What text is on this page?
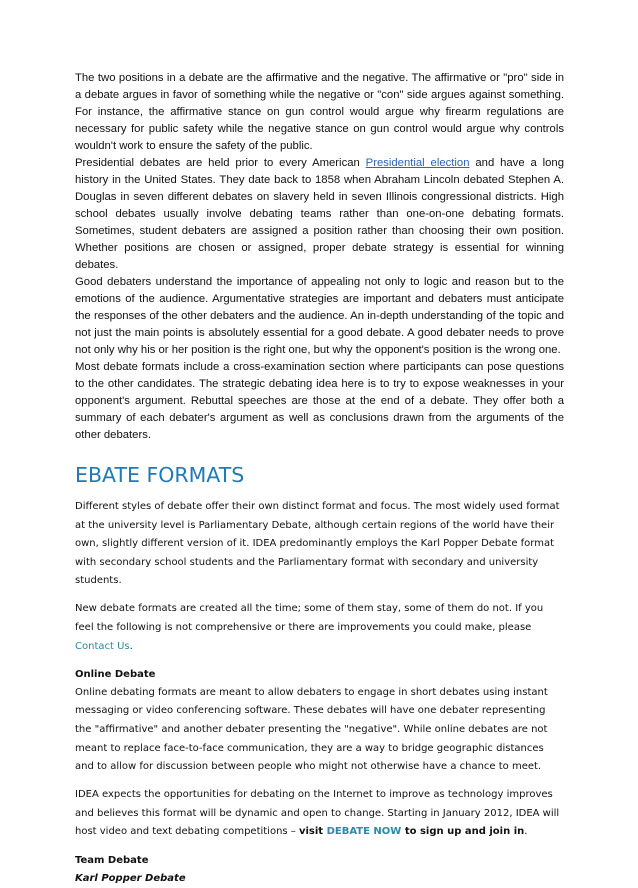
The two positions in a debate are the affirmative and the negative. The affirmative or "pro" side in a debate argues in favor of something while the negative or "con" side argues against something. For instance, the affirmative stance on gun control would argue why firearm regulations are necessary for public safety while the negative stance on gun control would argue why controls wouldn't work to ensure the safety of the public.

Presidential debates are held prior to every American Presidential election and have a long history in the United States. They date back to 1858 when Abraham Lincoln debated Stephen A. Douglas in seven different debates on slavery held in seven Illinois congressional districts. High school debates usually involve debating teams rather than one-on-one debating formats. Sometimes, student debaters are assigned a position rather than choosing their own position. Whether positions are chosen or assigned, proper debate strategy is essential for winning debates.

Good debaters understand the importance of appealing not only to logic and reason but to the emotions of the audience. Argumentative strategies are important and debaters must anticipate the responses of the other debaters and the audience. An in-depth understanding of the topic and not just the main points is absolutely essential for a good debate. A good debater needs to prove not only why his or her position is the right one, but why the opponent's position is the wrong one.

Most debate formats include a cross-examination section where participants can pose questions to the other candidates. The strategic debating idea here is to try to expose weaknesses in your opponent's argument. Rebuttal speeches are those at the end of a debate. They offer both a summary of each debater's argument as well as conclusions drawn from the arguments of the other debaters.

EBATE FORMATS

Different styles of debate offer their own distinct format and focus. The most widely used format at the university level is Parliamentary Debate, although certain regions of the world have their own, slightly different version of it. IDEA predominantly employs the Karl Popper Debate format with secondary school students and the Parliamentary format with secondary and university students.

New debate formats are created all the time; some of them stay, some of them do not. If you feel the following is not comprehensive or there are improvements you could make, please Contact Us.

Online Debate

Online debating formats are meant to allow debaters to engage in short debates using instant messaging or video conferencing software. These debates will have one debater representing the "affirmative" and another debater presenting the "negative". While online debates are not meant to replace face-to-face communication, they are a way to bridge geographic distances and to allow for discussion between people who might not otherwise have a chance to meet.

IDEA expects the opportunities for debating on the Internet to improve as technology improves and believes this format will be dynamic and open to change. Starting in January 2012, IDEA will host video and text debating competitions – visit DEBATE NOW to sign up and join in.

Team Debate

Karl Popper Debate
